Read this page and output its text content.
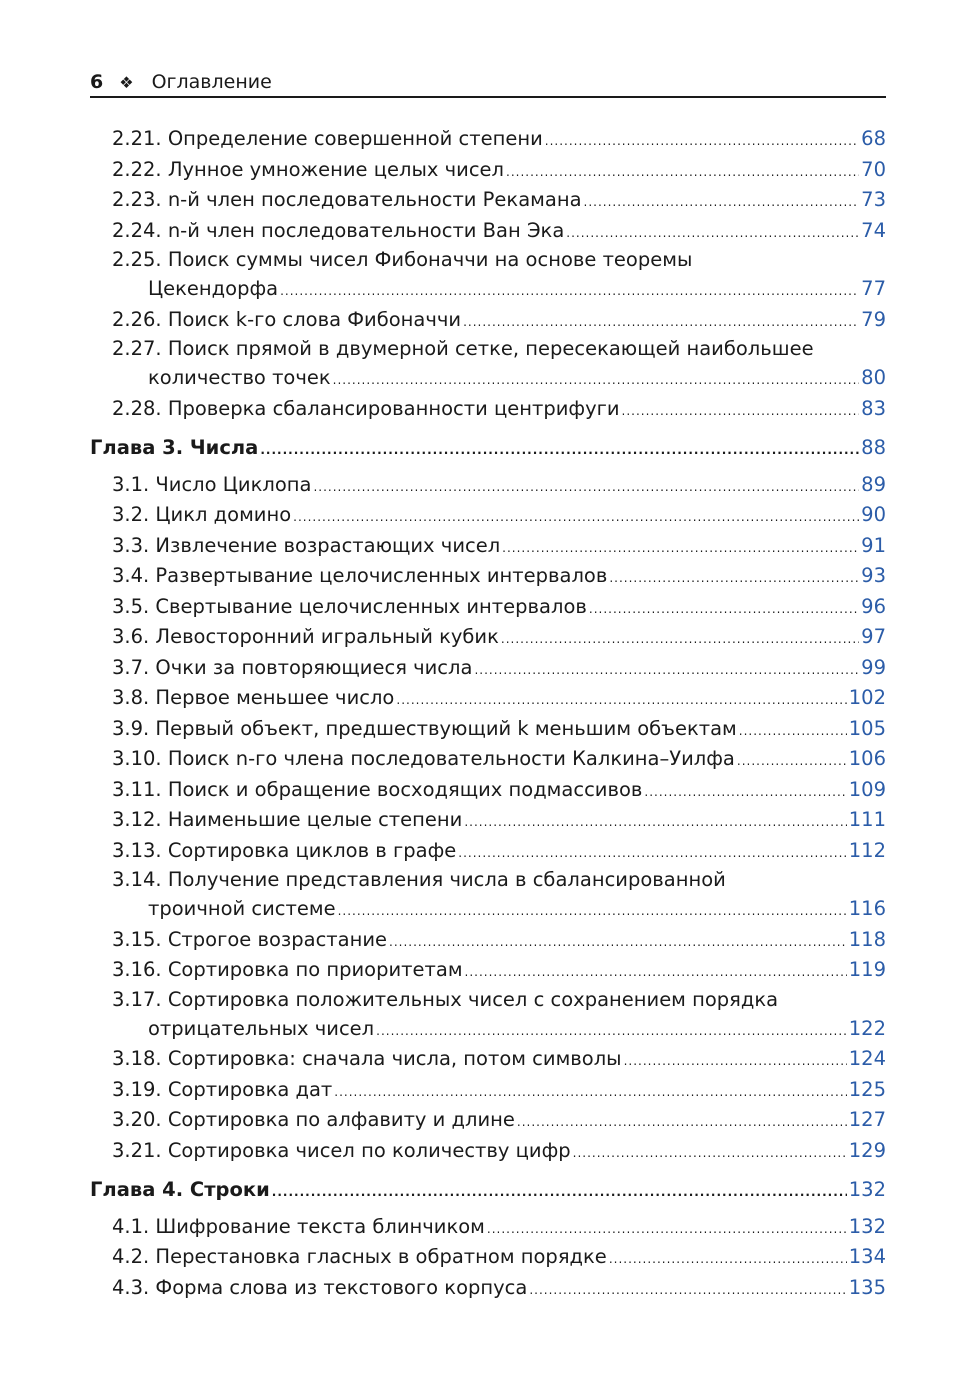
6 ❖ Оглавление
2.21. Определение совершенной степени .....	68
2.22. Лунное умножение целых чисел .....	70
2.23. n-й член последовательности Рекамана .....	73
2.24. n-й член последовательности Ван Эка .....	74
2.25. Поиск суммы чисел Фибоначчи на основе теоремы
Цекендорфа .....	77
2.26. Поиск k-го слова Фибоначчи .....	79
2.27. Поиск прямой в двумерной сетке, пересекающей наибольшее
количество точек .....	80
2.28. Проверка сбалансированности центрифуги .....	83
Глава 3. Числа .....	88
3.1. Число Циклопа .....	89
3.2. Цикл домино .....	90
3.3. Извлечение возрастающих чисел .....	91
3.4. Развертывание целочисленных интервалов .....	93
3.5. Свертывание целочисленных интервалов .....	96
3.6. Левосторонний игральный кубик .....	97
3.7. Очки за повторяющиеся числа .....	99
3.8. Первое меньшее число .....	102
3.9. Первый объект, предшествующий k меньшим объектам .....	105
3.10. Поиск n-го члена последовательности Калкина–Уилфа .....	106
3.11. Поиск и обращение восходящих подмассивов .....	109
3.12. Наименьшие целые степени .....	111
3.13. Сортировка циклов в графе .....	112
3.14. Получение представления числа в сбалансированной
троичной системе .....	116
3.15. Строгое возрастание .....	118
3.16. Сортировка по приоритетам .....	119
3.17. Сортировка положительных чисел с сохранением порядка
отрицательных чисел .....	122
3.18. Сортировка: сначала числа, потом символы .....	124
3.19. Сортировка дат .....	125
3.20. Сортировка по алфавиту и длине .....	127
3.21. Сортировка чисел по количеству цифр .....	129
Глава 4. Строки .....	132
4.1. Шифрование текста блинчиком .....	132
4.2. Перестановка гласных в обратном порядке .....	134
4.3. Форма слова из текстового корпуса .....	135
